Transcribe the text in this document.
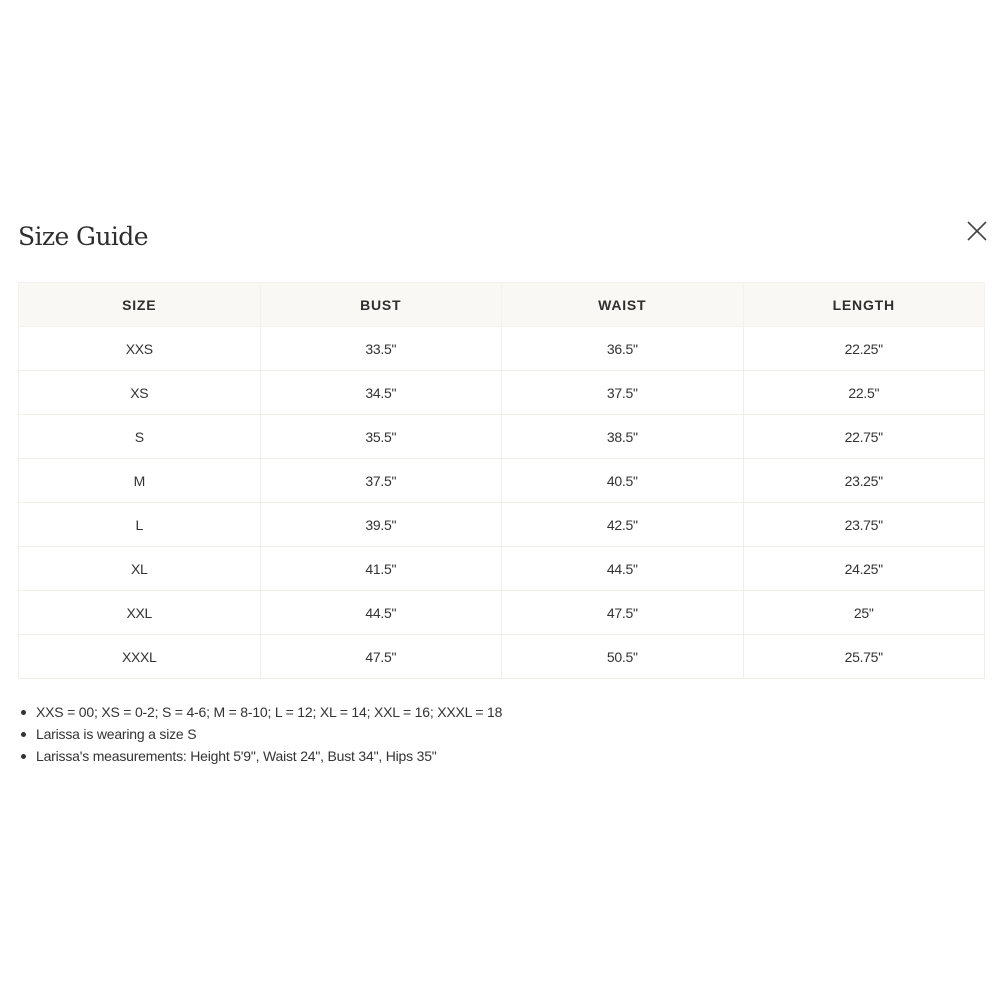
Size Guide
SIZE	BUST	WAIST	LENGTH
XXS	33.5"	36.5"	22.25''
XS	34.5"	37.5"	22.5"
S	35.5"	38.5"	22.75''
M	37.5"	40.5"	23.25''
L	39.5"	42.5"	23.75''
XL	41.5"	44.5"	24.25''
XXL	44.5"	47.5"	25"
XXXL	47.5"	50.5"	25.75''
XXS = 00; XS = 0-2; S = 4-6; M = 8-10; L = 12; XL = 14; XXL = 16; XXXL = 18
Larissa is wearing a size S
Larissa's measurements: Height 5'9", Waist 24", Bust 34", Hips 35"
